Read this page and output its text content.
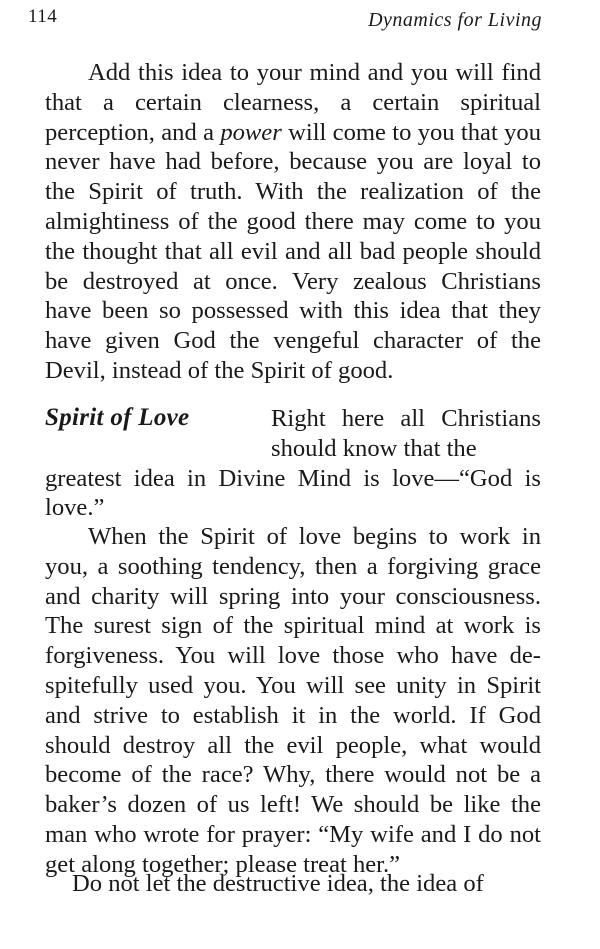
114	Dynamics for Living
Add this idea to your mind and you will find that a certain clearness, a certain spiritual perception, and a power will come to you that you never have had before, because you are loyal to the Spirit of truth. With the realization of the almightiness of the good there may come to you the thought that all evil and all bad people should be destroyed at once. Very zealous Christians have been so possessed with this idea that they have given God the vengeful character of the Devil, instead of the Spirit of good.
Spirit of Love	Right here all Christians should know that the
greatest idea in Divine Mind is love—“God is love.”
When the Spirit of love begins to work in you, a soothing tendency, then a forgiving grace and charity will spring into your consciousness. The surest sign of the spiritual mind at work is forgiveness. You will love those who have despitefully used you. You will see unity in Spirit and strive to establish it in the world. If God should destroy all the evil people, what would become of the race? Why, there would not be a baker’s dozen of us left! We should be like the man who wrote for prayer: “My wife and I do not get along together; please treat her.”
Do not let the destructive idea, the idea of
